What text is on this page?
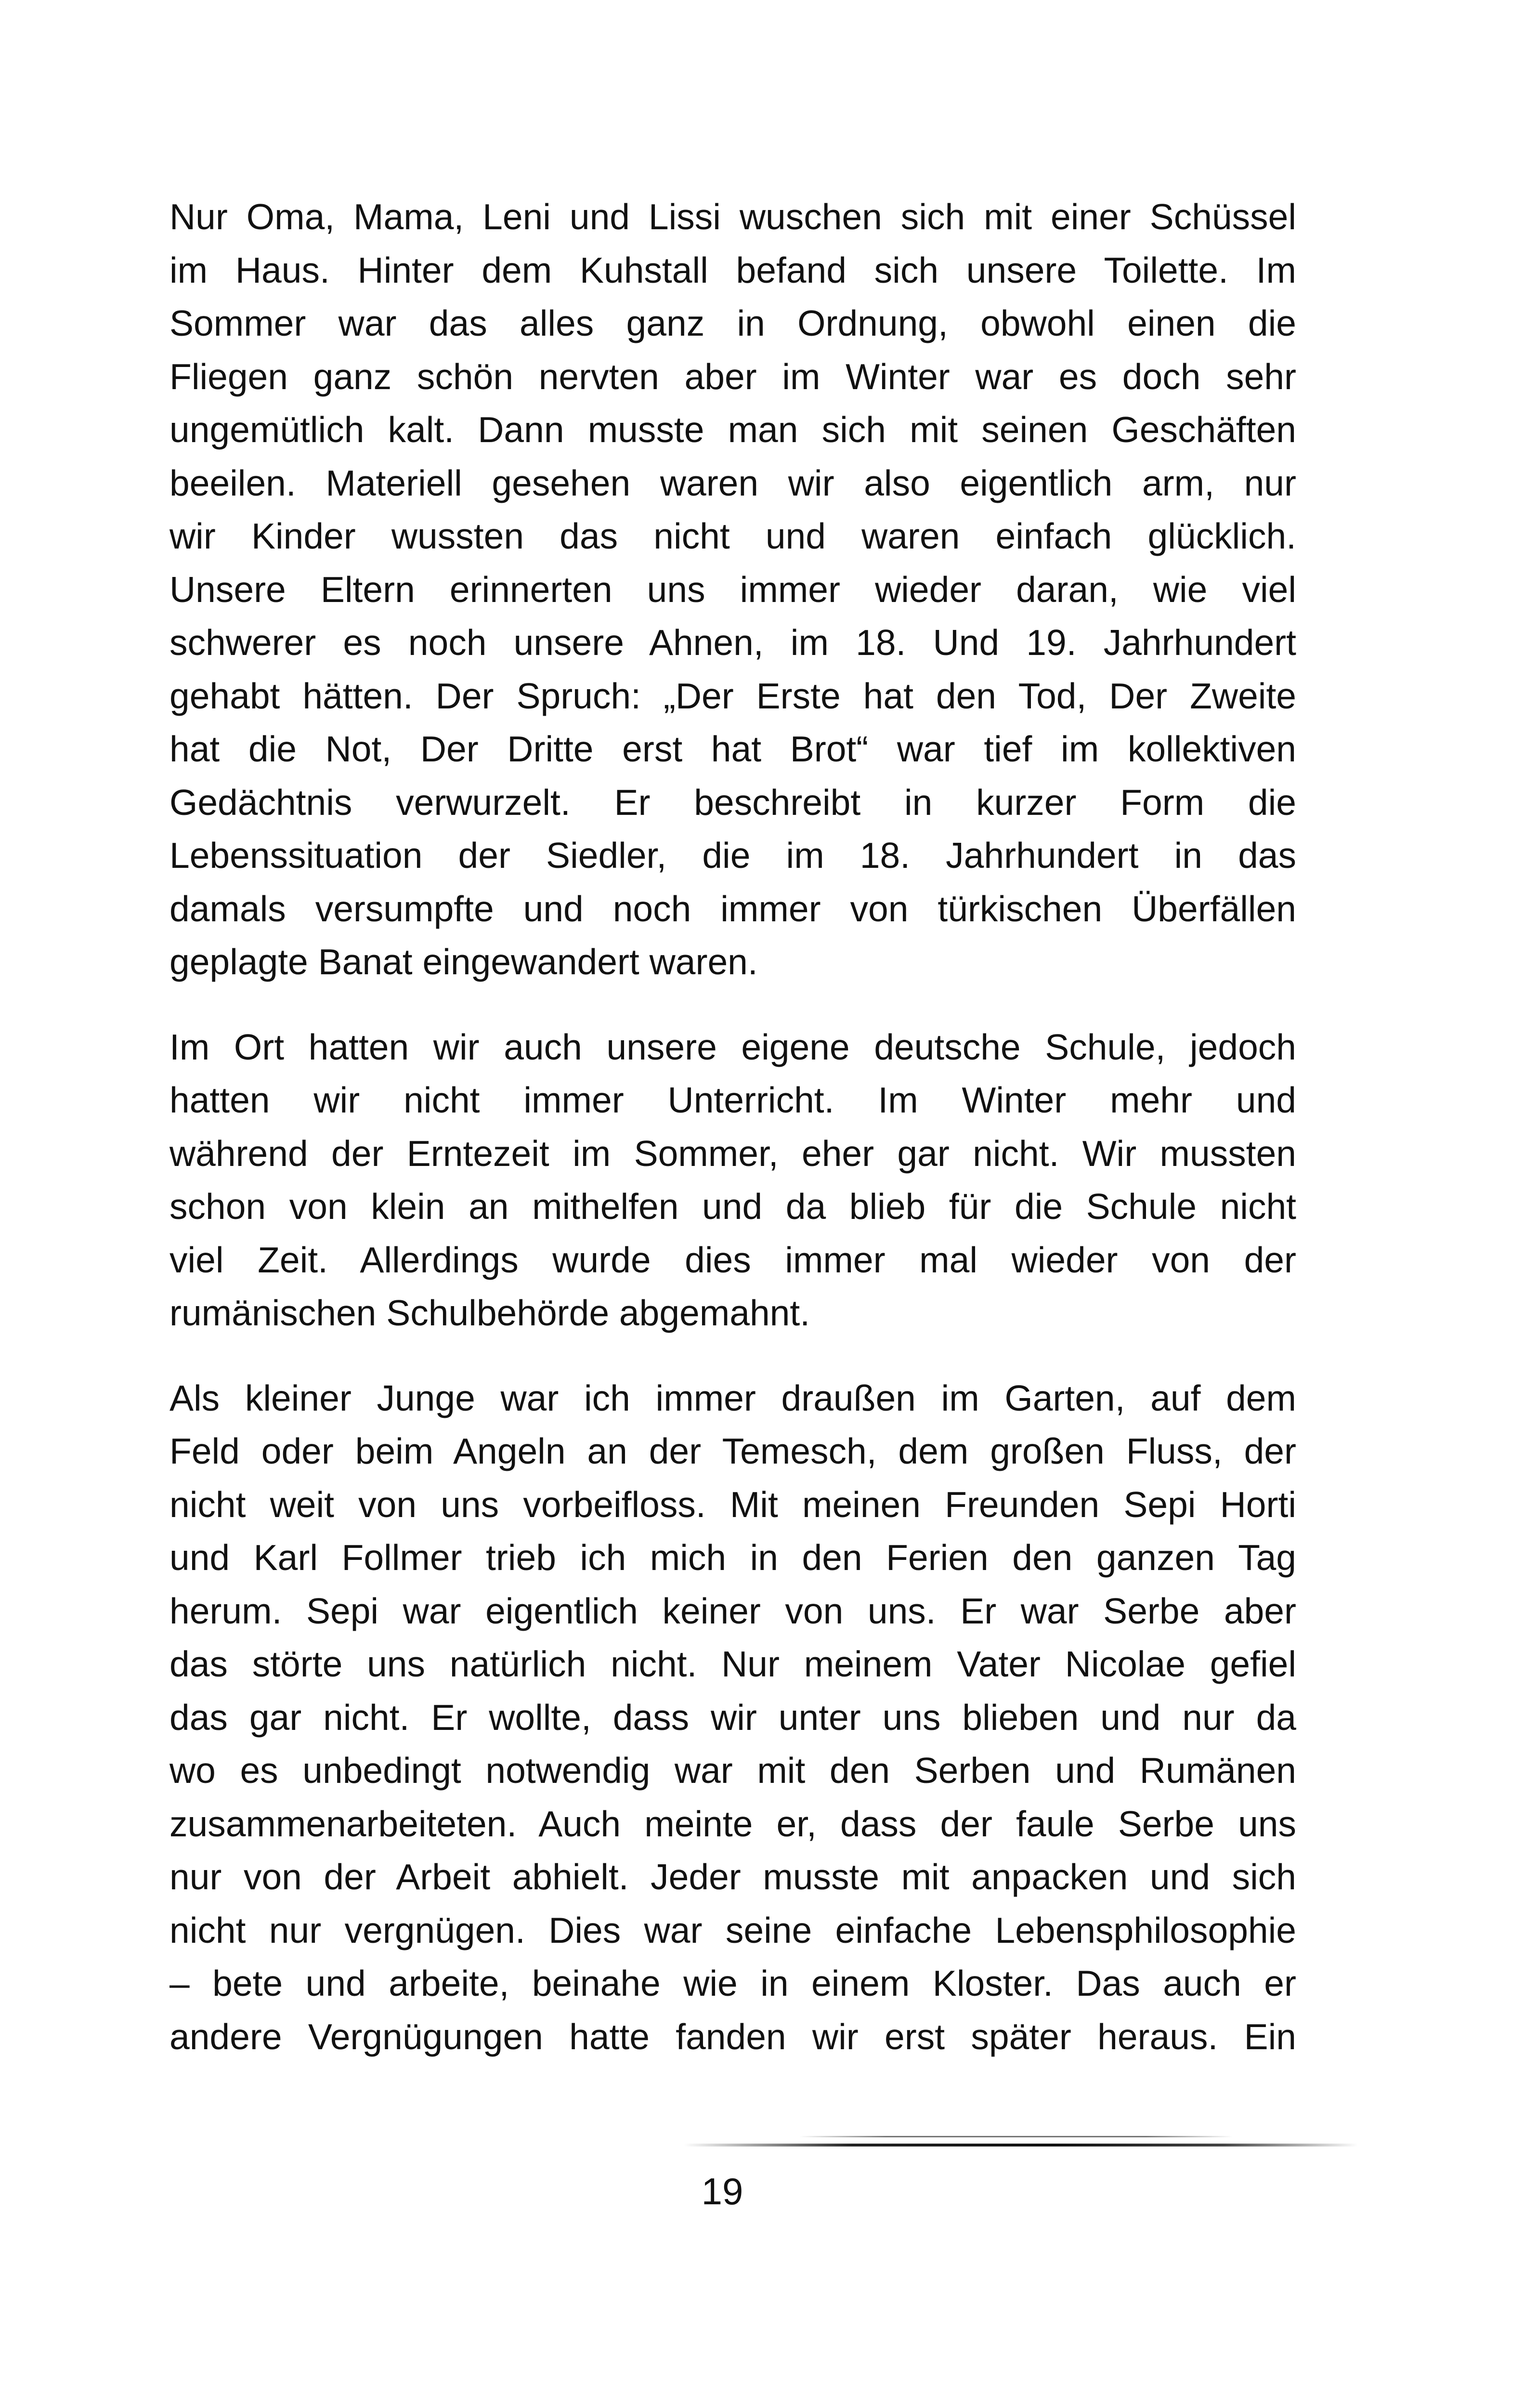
Nur Oma, Mama, Leni und Lissi wuschen sich mit einer Schüssel
im Haus. Hinter dem Kuhstall befand sich unsere Toilette. Im
Sommer war das alles ganz in Ordnung, obwohl einen die
Fliegen ganz schön nervten aber im Winter war es doch sehr
ungemütlich kalt. Dann musste man sich mit seinen Geschäften
beeilen. Materiell gesehen waren wir also eigentlich arm, nur
wir Kinder wussten das nicht und waren einfach glücklich.
Unsere Eltern erinnerten uns immer wieder daran, wie viel
schwerer es noch unsere Ahnen, im 18. Und 19. Jahrhundert
gehabt hätten. Der Spruch: „Der Erste hat den Tod, Der Zweite
hat die Not, Der Dritte erst hat Brot“ war tief im kollektiven
Gedächtnis verwurzelt. Er beschreibt in kurzer Form die
Lebenssituation der Siedler, die im 18. Jahrhundert in das
damals versumpfte und noch immer von türkischen Überfällen
geplagte Banat eingewandert waren.
Im Ort hatten wir auch unsere eigene deutsche Schule, jedoch
hatten wir nicht immer Unterricht. Im Winter mehr und
während der Erntezeit im Sommer, eher gar nicht. Wir mussten
schon von klein an mithelfen und da blieb für die Schule nicht
viel Zeit. Allerdings wurde dies immer mal wieder von der
rumänischen Schulbehörde abgemahnt.
Als kleiner Junge war ich immer draußen im Garten, auf dem
Feld oder beim Angeln an der Temesch, dem großen Fluss, der
nicht weit von uns vorbeifloss. Mit meinen Freunden Sepi Horti
und Karl Follmer trieb ich mich in den Ferien den ganzen Tag
herum. Sepi war eigentlich keiner von uns. Er war Serbe aber
das störte uns natürlich nicht. Nur meinem Vater Nicolae gefiel
das gar nicht. Er wollte, dass wir unter uns blieben und nur da
wo es unbedingt notwendig war mit den Serben und Rumänen
zusammenarbeiteten. Auch meinte er, dass der faule Serbe uns
nur von der Arbeit abhielt. Jeder musste mit anpacken und sich
nicht nur vergnügen. Dies war seine einfache Lebensphilosophie
– bete und arbeite, beinahe wie in einem Kloster. Das auch er
andere Vergnügungen hatte fanden wir erst später heraus. Ein
19
